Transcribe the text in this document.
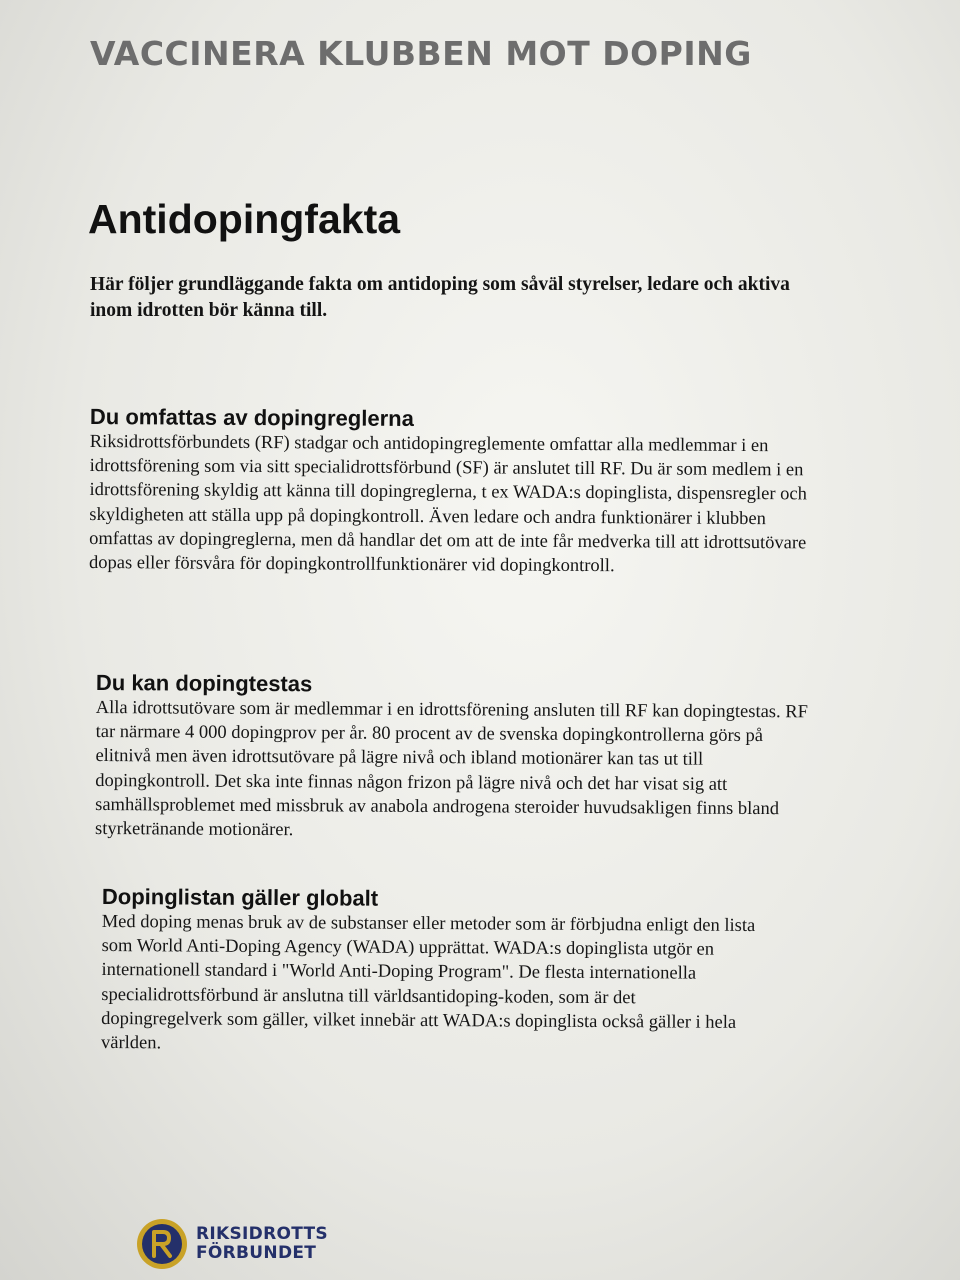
VACCINERA KLUBBEN MOT DOPING
Antidopingfakta
Här följer grundläggande fakta om antidoping som såväl styrelser, ledare och aktiva inom idrotten bör känna till.
Du omfattas av dopingreglerna

Riksidrottsförbundets (RF) stadgar och antidopingreglemente omfattar alla medlemmar i en idrottsförening som via sitt specialidrottsförbund (SF) är anslutet till RF. Du är som medlem i en idrottsförening skyldig att känna till dopingreglerna, t ex WADA:s dopinglista, dispensregler och skyldigheten att ställa upp på dopingkontroll. Även ledare och andra funktionärer i klubben omfattas av dopingreglerna, men då handlar det om att de inte får medverka till att idrottsutövare dopas eller försvåra för dopingkontrollfunktionärer vid dopingkontroll.

Du kan dopingtestas

Alla idrottsutövare som är medlemmar i en idrottsförening ansluten till RF kan dopingtestas. RF tar närmare 4 000 dopingprov per år. 80 procent av de svenska dopingkontrollerna görs på elitnivå men även idrottsutövare på lägre nivå och ibland motionärer kan tas ut till dopingkontroll. Det ska inte finnas någon frizon på lägre nivå och det har visat sig att samhällsproblemet med missbruk av anabola androgena steroider huvudsakligen finns bland styrketränande motionärer.

Dopinglistan gäller globalt

Med doping menas bruk av de substanser eller metoder som är förbjudna enligt den lista som World Anti-Doping Agency (WADA) upprättat. WADA:s dopinglista utgör en internationell standard i "World Anti-Doping Program". De flesta internationella specialidrottsförbund är anslutna till världsantidoping-koden, som är det dopingregelverk som gäller, vilket innebär att WADA:s dopinglista också gäller i hela världen.

RIKSIDROTTS
FÖRBUNDET
